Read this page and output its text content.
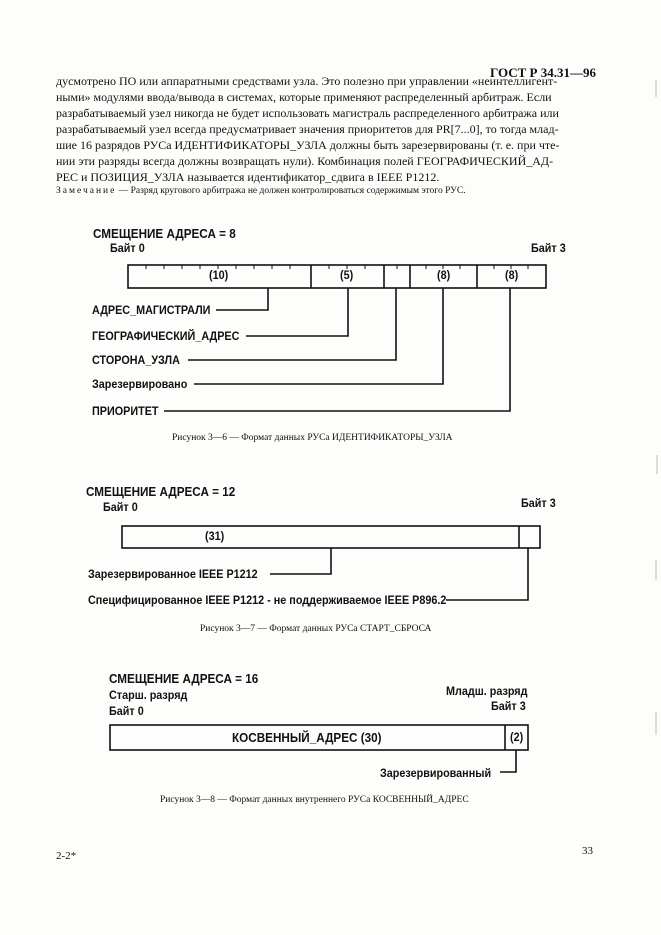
ГОСТ Р 34.31—96
дусмотрено ПО или аппаратными средствами узла. Это полезно при управлении «неинтеллигент-
ными» модулями ввода/вывода в системах, которые применяют распределенный арбитраж. Если
разрабатываемый узел никогда не будет использовать магистраль распределенного арбитража или
разрабатываемый узел всегда предусматривает значения приоритетов для PR[7...0], то тогда млад-
шие 16 разрядов РУСа ИДЕНТИФИКАТОРЫ_УЗЛА должны быть зарезервированы (т. е. при чте-
нии эти разряды всегда должны возвращать нули). Комбинация полей ГЕОГРАФИЧЕСКИЙ_АД-
РЕС и ПОЗИЦИЯ_УЗЛА называется идентификатор_сдвига в IEEE P1212.
Замечание — Разряд кругового арбитража не должен контролироваться содержимым этого РУС.
СМЕЩЕНИЕ АДРЕСА = 8
Байт 0	Байт 3
(10)	(5)	(8)	(8)
АДРЕС_МАГИСТРАЛИ
ГЕОГРАФИЧЕСКИЙ_АДРЕС
СТОРОНА_УЗЛА
Зарезервировано
ПРИОРИТЕТ
Рисунок 3—6 — Формат данных РУСа ИДЕНТИФИКАТОРЫ_УЗЛА
СМЕЩЕНИЕ АДРЕСА = 12
Байт 0	Байт 3
(31)
Зарезервированное IEEE P1212
Специфицированное IEEE P1212 - не поддерживаемое IEEE P896.2
Рисунок 3—7 — Формат данных РУСа СТАРТ_СБРОСА
СМЕЩЕНИЕ АДРЕСА = 16
Старш. разряд
Байт 0
Младш. разряд
Байт 3
КОСВЕННЫЙ_АДРЕС (30)	(2)
Зарезервированный
Рисунок 3—8 — Формат данных внутреннего РУСа КОСВЕННЫЙ_АДРЕС
2-2*	33
